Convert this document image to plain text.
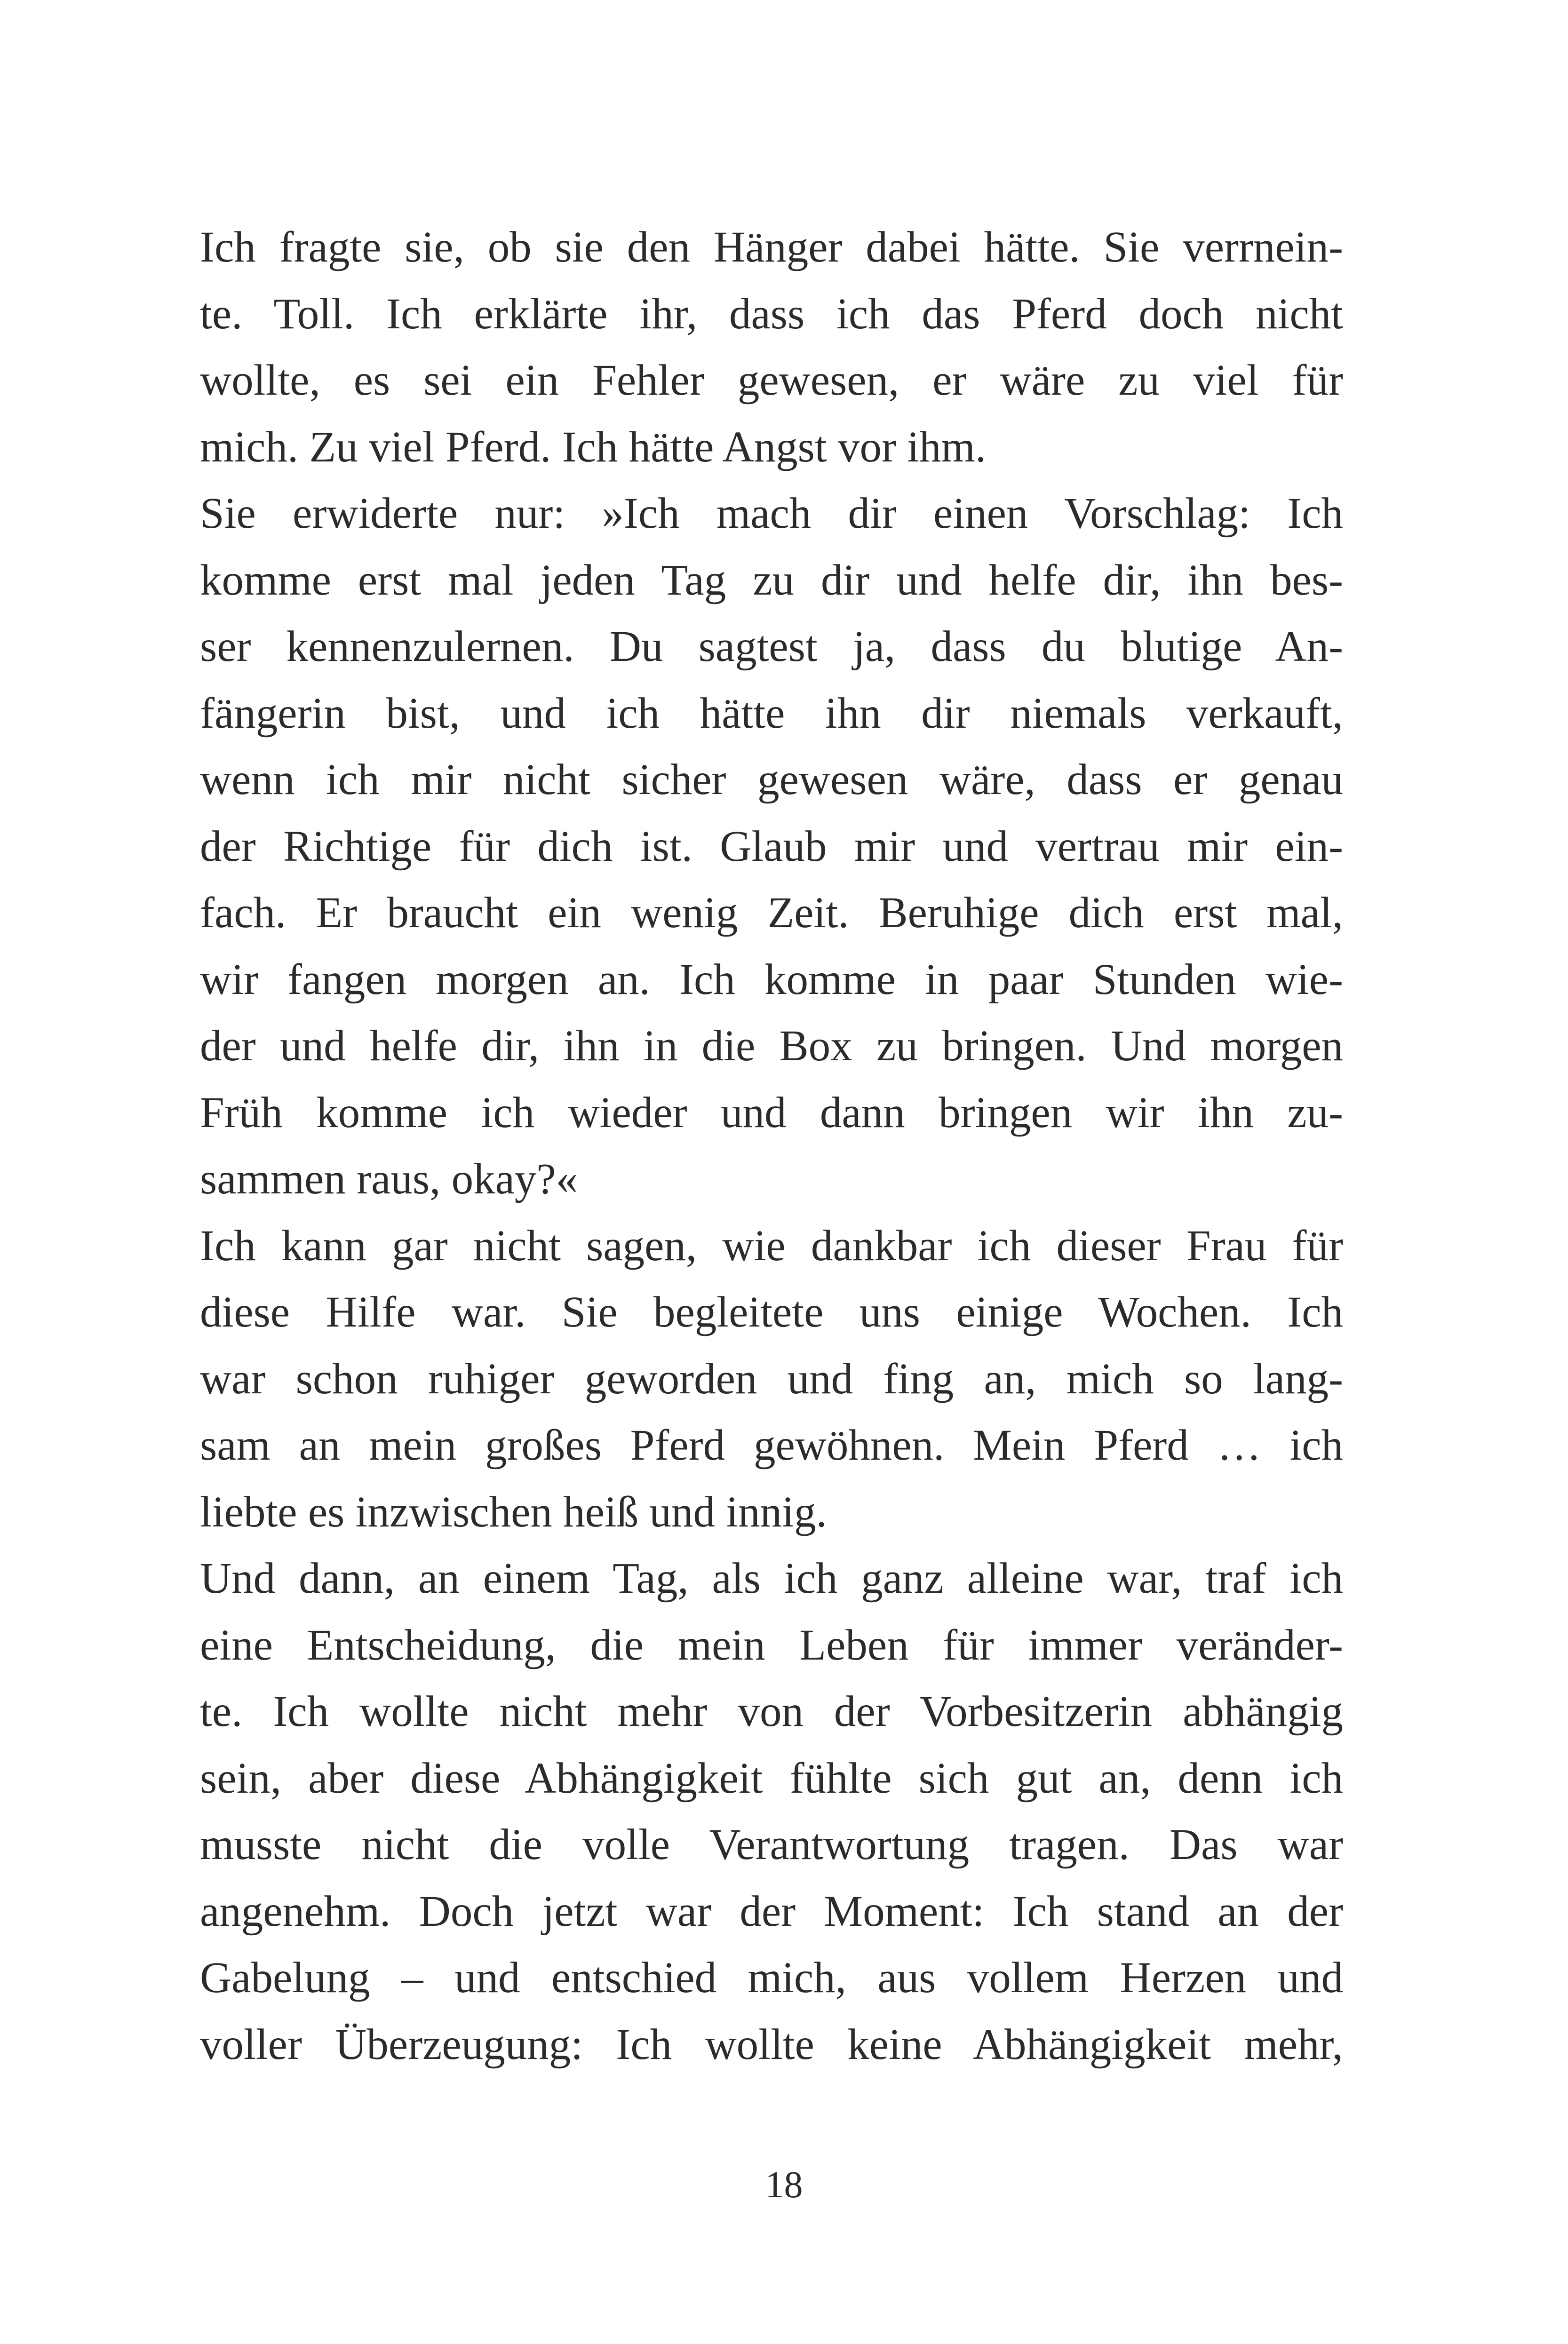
Ich fragte sie, ob sie den Hänger dabei hätte. Sie verrnein-
te. Toll. Ich erklärte ihr, dass ich das Pferd doch nicht
wollte, es sei ein Fehler gewesen, er wäre zu viel für
mich. Zu viel Pferd. Ich hätte Angst vor ihm.
Sie erwiderte nur: »Ich mach dir einen Vorschlag: Ich
komme erst mal jeden Tag zu dir und helfe dir, ihn bes-
ser kennenzulernen. Du sagtest ja, dass du blutige An-
fängerin bist, und ich hätte ihn dir niemals verkauft,
wenn ich mir nicht sicher gewesen wäre, dass er genau
der Richtige für dich ist. Glaub mir und vertrau mir ein-
fach. Er braucht ein wenig Zeit. Beruhige dich erst mal,
wir fangen morgen an. Ich komme in paar Stunden wie-
der und helfe dir, ihn in die Box zu bringen. Und morgen
Früh komme ich wieder und dann bringen wir ihn zu-
sammen raus, okay?«
Ich kann gar nicht sagen, wie dankbar ich dieser Frau für
diese Hilfe war. Sie begleitete uns einige Wochen. Ich
war schon ruhiger geworden und fing an, mich so lang-
sam an mein großes Pferd gewöhnen. Mein Pferd … ich
liebte es inzwischen heiß und innig.
Und dann, an einem Tag, als ich ganz alleine war, traf ich
eine Entscheidung, die mein Leben für immer veränder-
te. Ich wollte nicht mehr von der Vorbesitzerin abhängig
sein, aber diese Abhängigkeit fühlte sich gut an, denn ich
musste nicht die volle Verantwortung tragen. Das war
angenehm. Doch jetzt war der Moment: Ich stand an der
Gabelung – und entschied mich, aus vollem Herzen und
voller Überzeugung: Ich wollte keine Abhängigkeit mehr,
18
